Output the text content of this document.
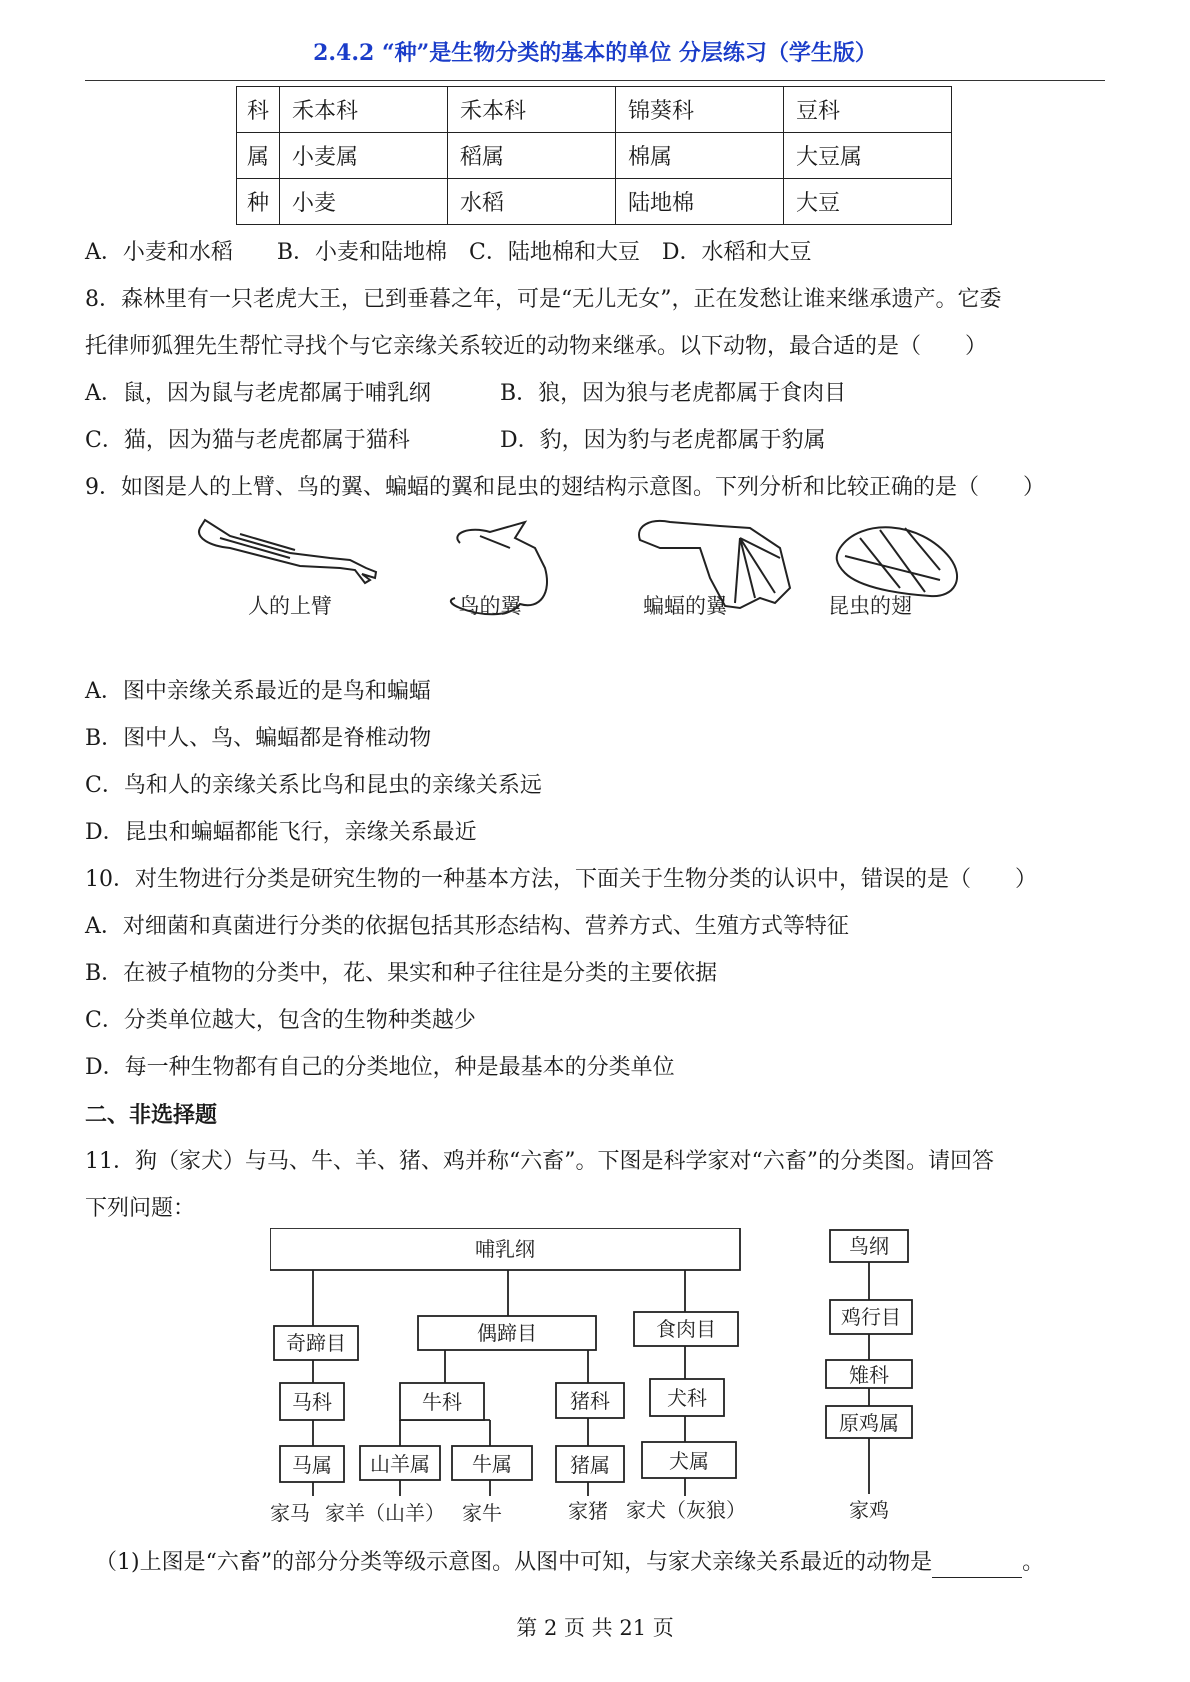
2.4.2 “种”是生物分类的基本的单位 分层练习（学生版）
科	禾本科	禾本科	锦葵科	豆科
属	小麦属	稻属	棉属	大豆属
种	小麦	水稻	陆地棉	大豆
A．小麦和水稻　　B．小麦和陆地棉　C．陆地棉和大豆　D．水稻和大豆
8．森林里有一只老虎大王，已到垂暮之年，可是“无儿无女”，正在发愁让谁来继承遗产。它委
托律师狐狸先生帮忙寻找个与它亲缘关系较近的动物来继承。以下动物，最合适的是（　　）
A．鼠，因为鼠与老虎都属于哺乳纲	B．狼，因为狼与老虎都属于食肉目
C．猫，因为猫与老虎都属于猫科	D．豹，因为豹与老虎都属于豹属
9．如图是人的上臂、鸟的翼、蝙蝠的翼和昆虫的翅结构示意图。下列分析和比较正确的是（　　）
人的上臂	鸟的翼	蝙蝠的翼	昆虫的翅
A．图中亲缘关系最近的是鸟和蝙蝠
B．图中人、鸟、蝙蝠都是脊椎动物
C．鸟和人的亲缘关系比鸟和昆虫的亲缘关系远
D．昆虫和蝙蝠都能飞行，亲缘关系最近
10．对生物进行分类是研究生物的一种基本方法，下面关于生物分类的认识中，错误的是（　　）
A．对细菌和真菌进行分类的依据包括其形态结构、营养方式、生殖方式等特征
B．在被子植物的分类中，花、果实和种子往往是分类的主要依据
C．分类单位越大，包含的生物种类越少
D．每一种生物都有自己的分类地位，种是最基本的分类单位
二、非选择题
11．狗（家犬）与马、牛、羊、猪、鸡并称“六畜”。下图是科学家对“六畜”的分类图。请回答
下列问题：
哺乳纲	鸟纲
奇蹄目	偶蹄目	食肉目	鸡行目
马科	牛科	猪科	犬科
雉科
马属 山羊属 牛属	猪属	犬属
原鸡属
家马 家羊（山羊） 家牛	家猪 家犬（灰狼）	家鸡
（1)上图是“六畜”的部分分类等级示意图。从图中可知，与家犬亲缘关系最近的动物是	。
第 2 页 共 21 页
